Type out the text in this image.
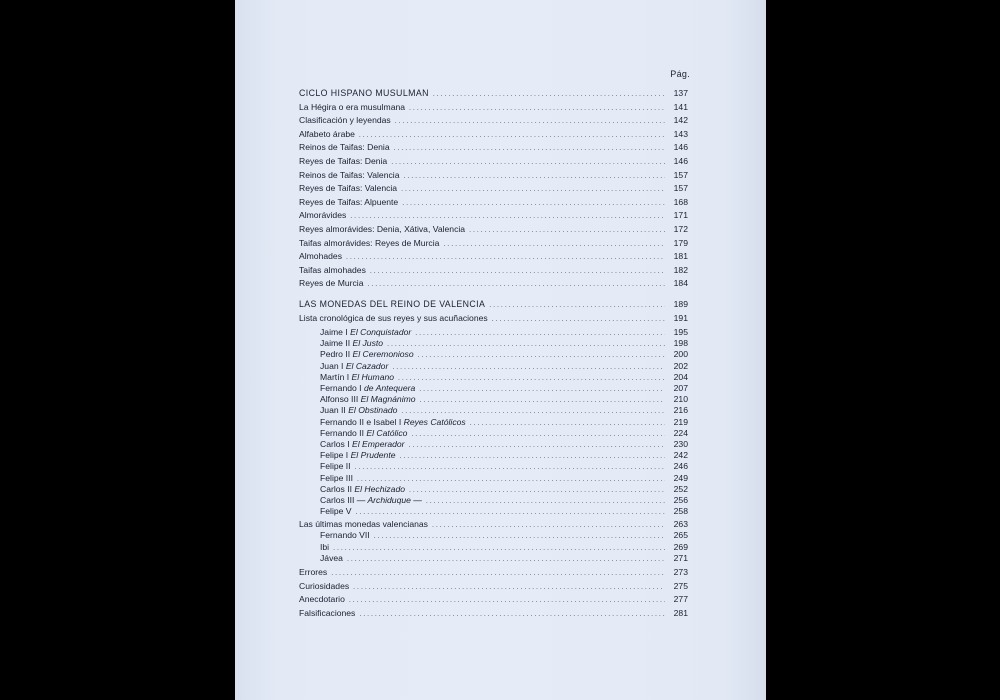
Pág.
CICLO HISPANO MUSULMAN . . .	137
La Hégira o era musulmana . . .	141
Clasificación y leyendas . . .	142
Alfabeto árabe . . .	143
Reinos de Taifas: Denia . . .	146
Reyes de Taifas: Denia . . .	146
Reinos de Taifas: Valencia . . .	157
Reyes de Taifas: Valencia . . .	157
Reyes de Taifas: Alpuente . . .	168
Almorávides . . .	171
Reyes almorávides: Denia, Xátiva, Valencia . . .	172
Taifas almorávides: Reyes de Murcia . . .	179
Almohades . . .	181
Taifas almohades . . .	182
Reyes de Murcia . . .	184
LAS MONEDAS DEL REINO DE VALENCIA . . .	189
Lista cronológica de sus reyes y sus acuñaciones . . .	191
Jaime I El Conquistador . . .	195
Jaime II El Justo . . .	198
Pedro II El Ceremonioso . . .	200
Juan I El Cazador . . .	202
Martín I El Humano . . .	204
Fernando I de Antequera . . .	207
Alfonso III El Magnánimo . . .	210
Juan II El Obstinado . . .	216
Fernando II e Isabel I Reyes Católicos . . .	219
Fernando II El Católico . . .	224
Carlos I El Emperador . . .	230
Felipe I El Prudente . . .	242
Felipe II . . .	246
Felipe III . . .	249
Carlos II El Hechizado . . .	252
Carlos III — Archiduque — . . .	256
Felipe V . . .	258
Las últimas monedas valencianas . . .	263
Fernando VII . . .	265
Ibi . . .	269
Jávea . . .	271
Errores . . .	273
Curiosidades . . .	275
Anecdotario . . .	277
Falsificaciones . . .	281
